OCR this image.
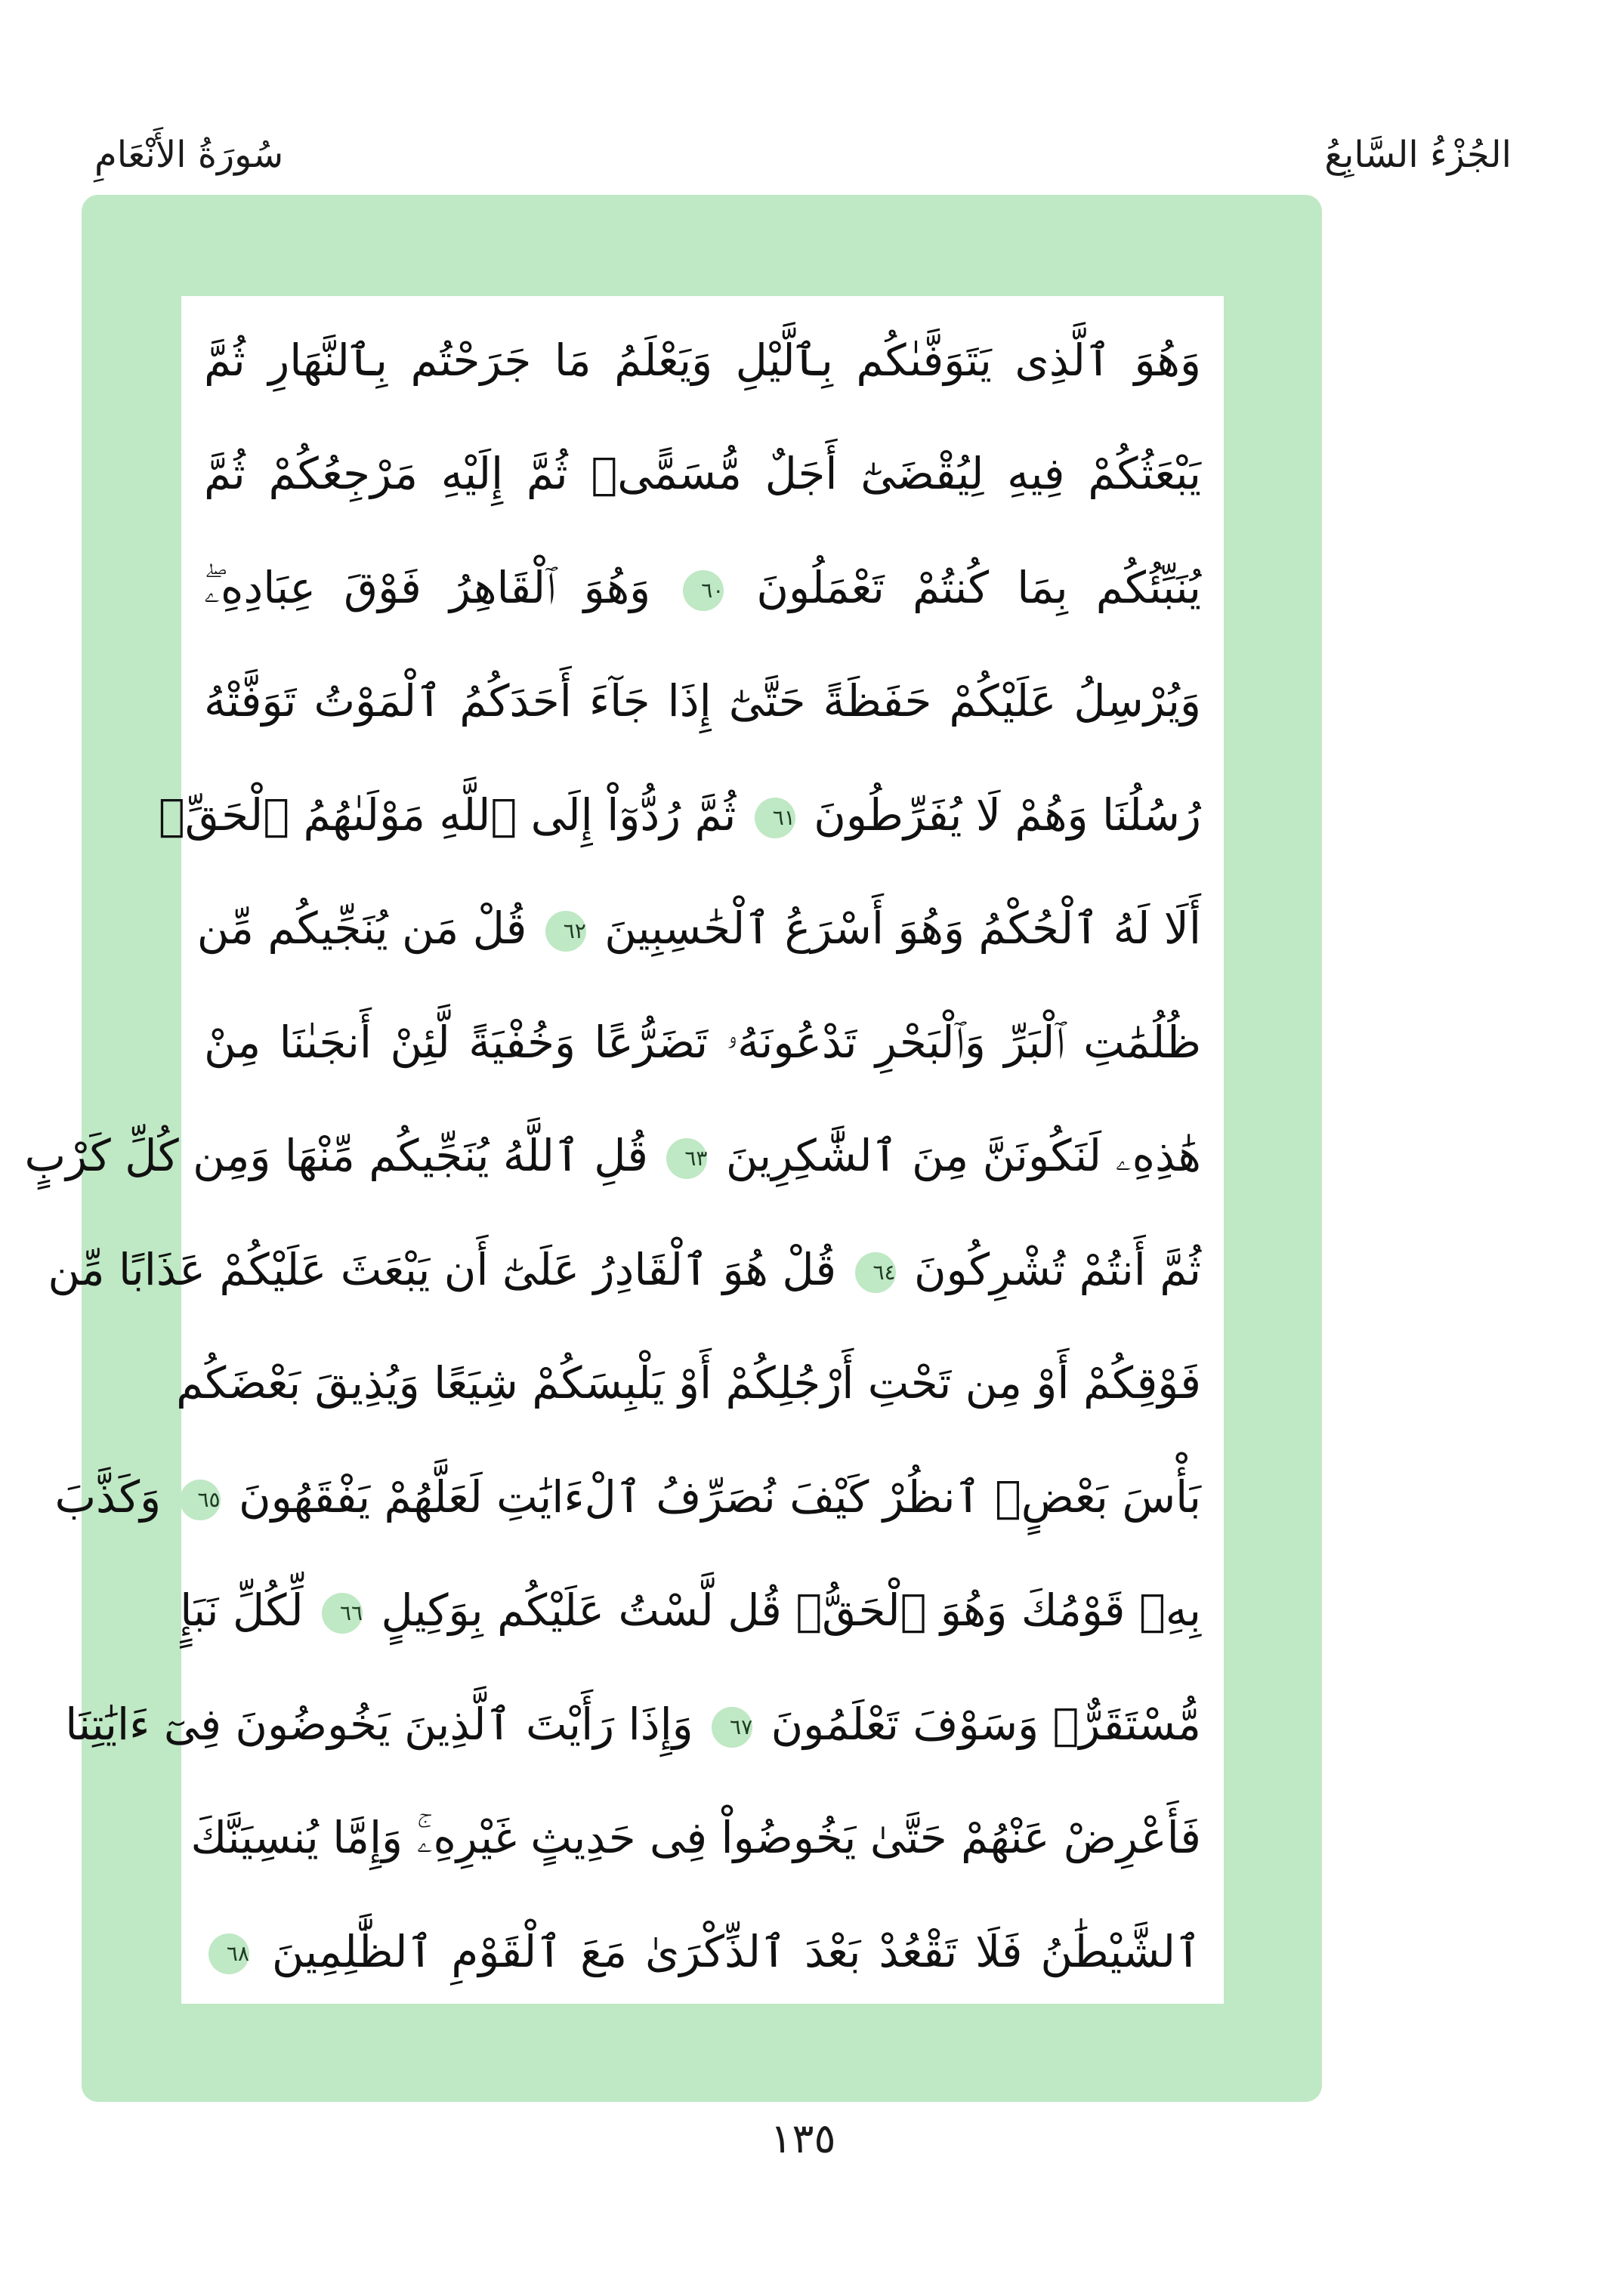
سُورَةُ الأَنْعَامِ	الجُزْءُ السَّابِعُ
وَهُوَ ٱلَّذِى يَتَوَفَّىٰكُم بِٱلَّيْلِ وَيَعْلَمُ مَا جَرَحْتُم بِٱلنَّهَارِ ثُمَّ
يَبْعَثُكُمْ فِيهِ لِيُقْضَىٰٓ أَجَلٌ مُّسَمًّىۖ ثُمَّ إِلَيْهِ مَرْجِعُكُمْ ثُمَّ
يُنَبِّئُكُم بِمَا كُنتُمْ تَعْمَلُونَ ٦٠ وَهُوَ ٱلْقَاهِرُ فَوْقَ عِبَادِهِۦۖ
وَيُرْسِلُ عَلَيْكُمْ حَفَظَةً حَتَّىٰٓ إِذَا جَآءَ أَحَدَكُمُ ٱلْمَوْتُ تَوَفَّتْهُ
رُسُلُنَا وَهُمْ لَا يُفَرِّطُونَ ٦١ ثُمَّ رُدُّوٓاْ إِلَى ٱللَّهِ مَوْلَىٰهُمُ ٱلْحَقِّۚ
أَلَا لَهُ ٱلْحُكْمُ وَهُوَ أَسْرَعُ ٱلْحَٰسِبِينَ ٦٢ قُلْ مَن يُنَجِّيكُم مِّن
ظُلُمَٰتِ ٱلْبَرِّ وَٱلْبَحْرِ تَدْعُونَهُۥ تَضَرُّعًا وَخُفْيَةً لَّئِنْ أَنجَىٰنَا مِنْ
هَٰذِهِۦ لَنَكُونَنَّ مِنَ ٱلشَّٰكِرِينَ ٦٣ قُلِ ٱللَّهُ يُنَجِّيكُم مِّنْهَا وَمِن كُلِّ كَرْبٍ
ثُمَّ أَنتُمْ تُشْرِكُونَ ٦٤ قُلْ هُوَ ٱلْقَادِرُ عَلَىٰٓ أَن يَبْعَثَ عَلَيْكُمْ عَذَابًا مِّن
فَوْقِكُمْ أَوْ مِن تَحْتِ أَرْجُلِكُمْ أَوْ يَلْبِسَكُمْ شِيَعًا وَيُذِيقَ بَعْضَكُم
بَأْسَ بَعْضٍۗ ٱنظُرْ كَيْفَ نُصَرِّفُ ٱلْءَايَٰتِ لَعَلَّهُمْ يَفْقَهُونَ ٦٥ وَكَذَّبَ
بِهِۦ قَوْمُكَ وَهُوَ ٱلْحَقُّۚ قُل لَّسْتُ عَلَيْكُم بِوَكِيلٍ ٦٦ لِّكُلِّ نَبَإٍ
مُّسْتَقَرٌّۚ وَسَوْفَ تَعْلَمُونَ ٦٧ وَإِذَا رَأَيْتَ ٱلَّذِينَ يَخُوضُونَ فِىٓ ءَايَٰتِنَا
فَأَعْرِضْ عَنْهُمْ حَتَّىٰ يَخُوضُواْ فِى حَدِيثٍ غَيْرِهِۦۚ وَإِمَّا يُنسِيَنَّكَ
ٱلشَّيْطَٰنُ فَلَا تَقْعُدْ بَعْدَ ٱلذِّكْرَىٰ مَعَ ٱلْقَوْمِ ٱلظَّٰلِمِينَ ٦٨
١٣٥
